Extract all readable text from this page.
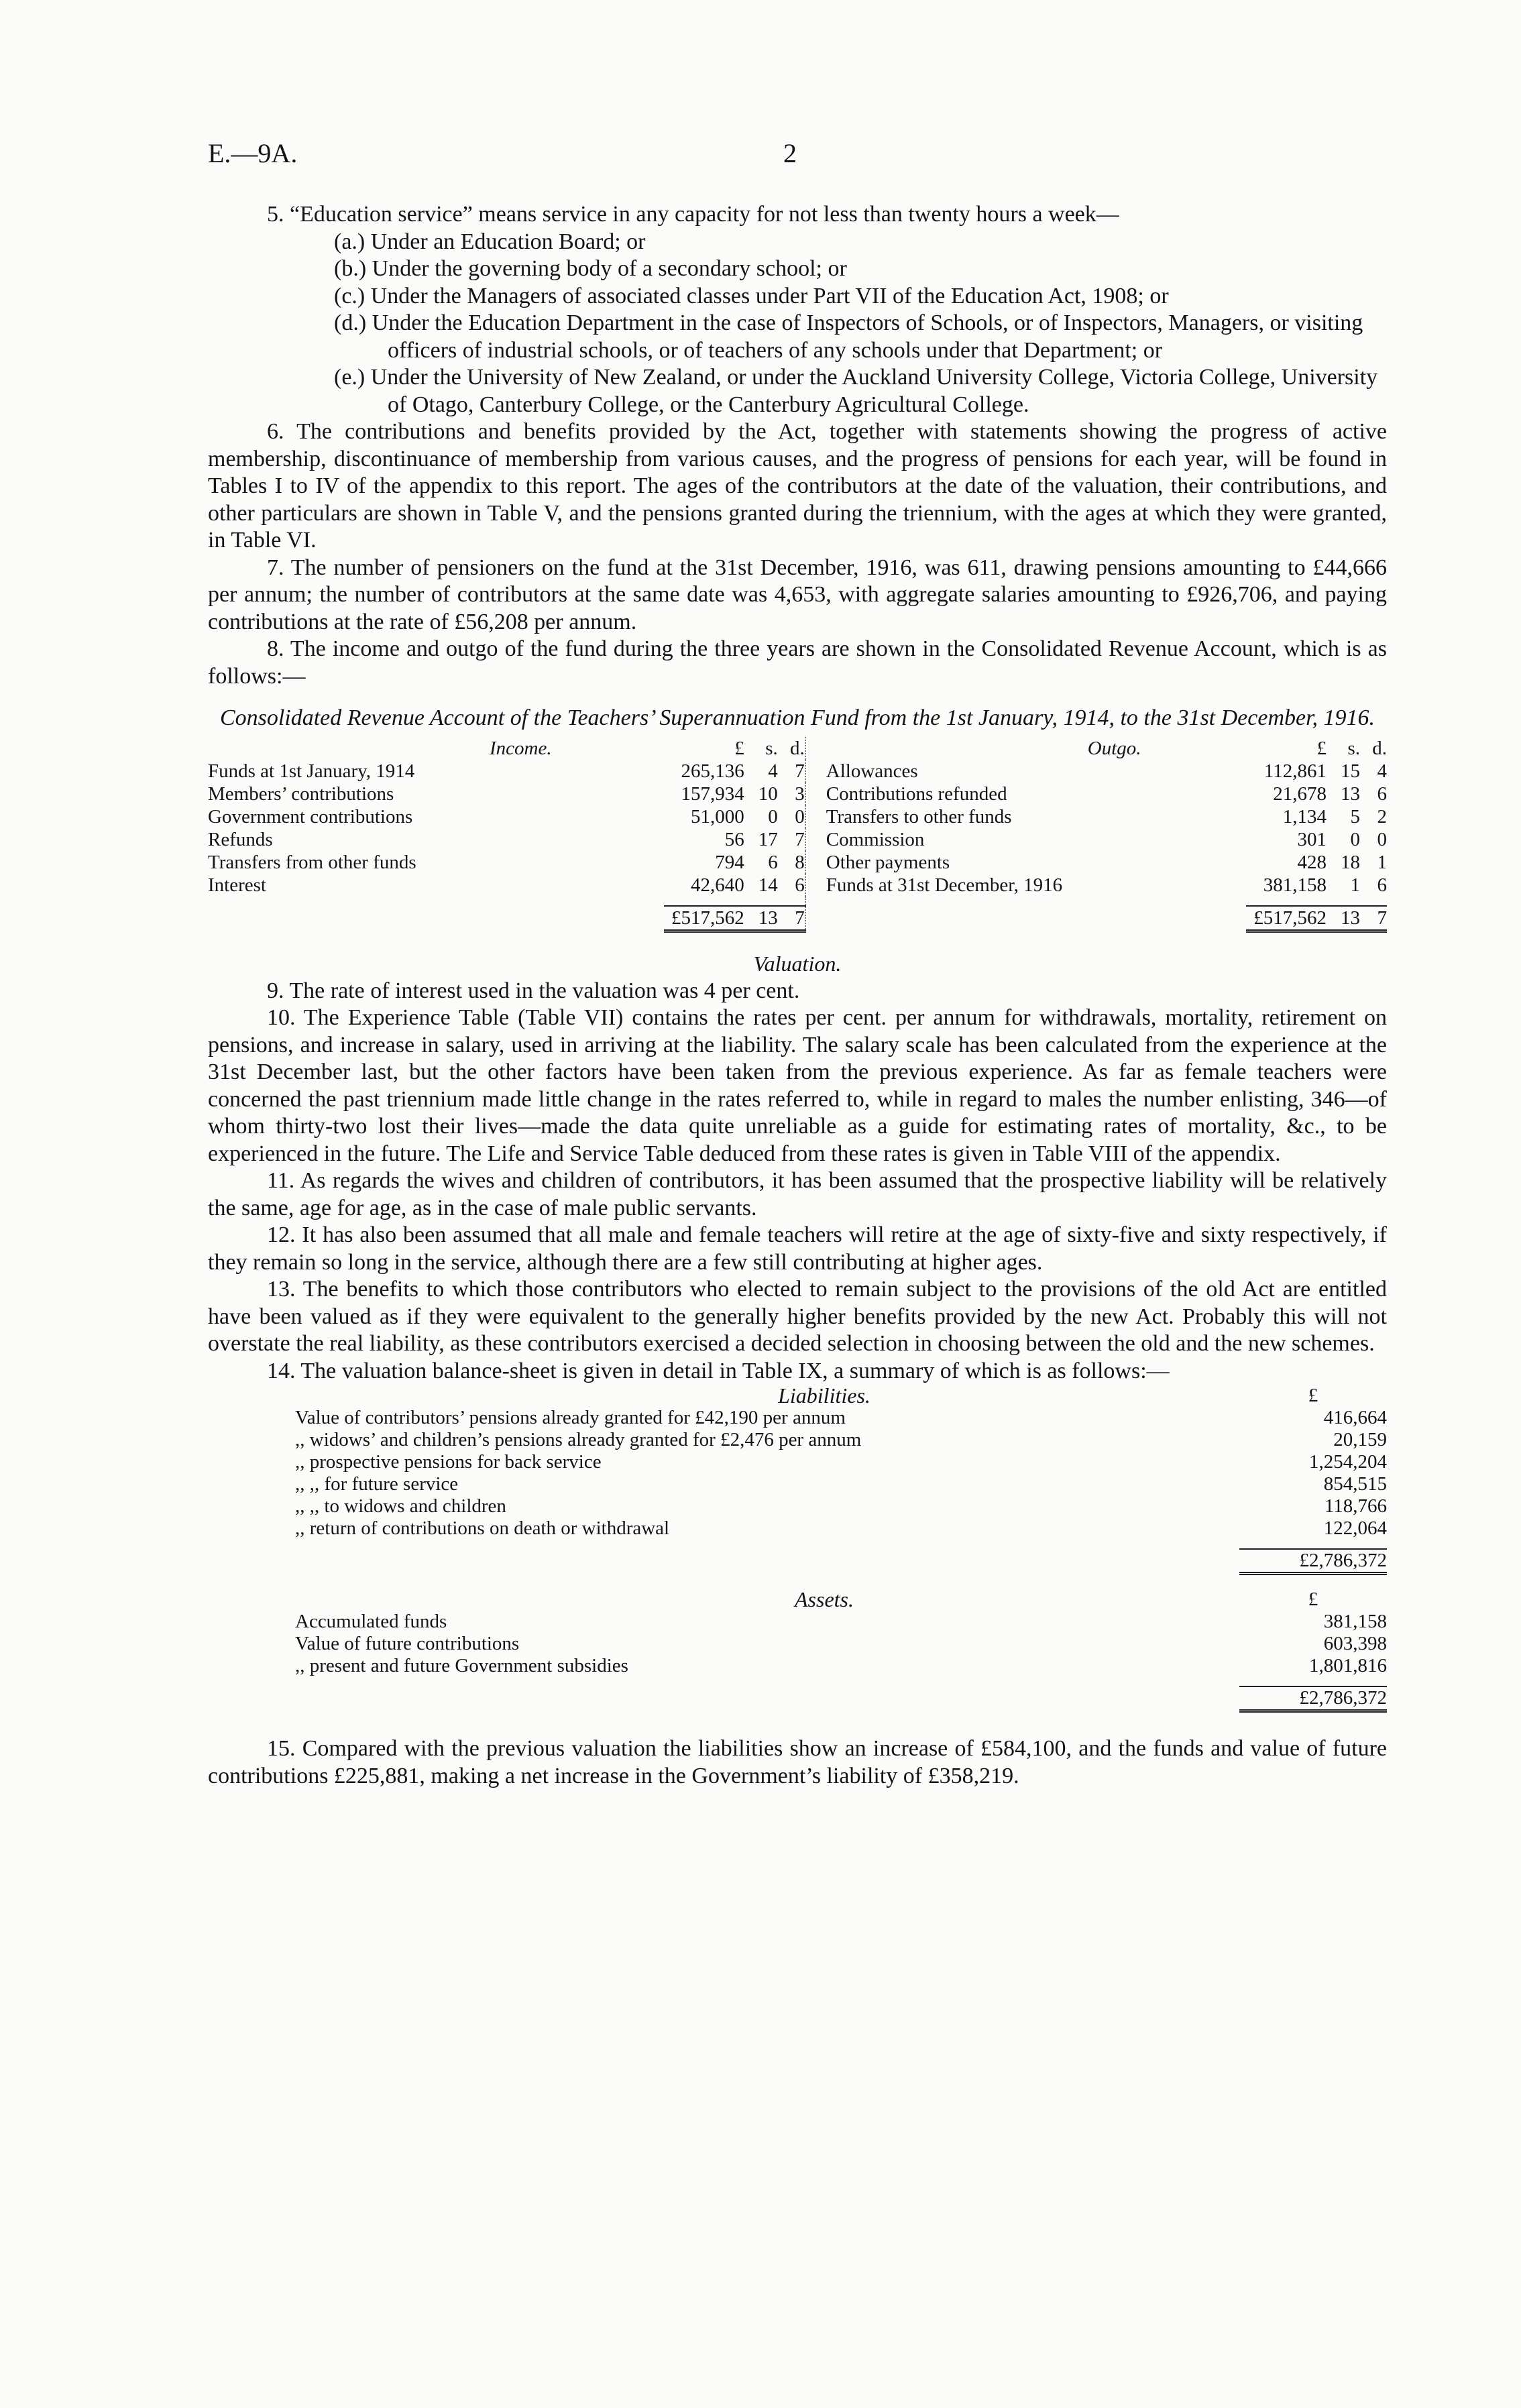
E.—9A.	2

5. “Education service” means service in any capacity for not less than twenty hours a week—

(a.) Under an Education Board; or

(b.) Under the governing body of a secondary school; or

(c.) Under the Managers of associated classes under Part VII of the Education Act, 1908; or

(d.) Under the Education Department in the case of Inspectors of Schools, or of Inspectors, Managers, or visiting officers of industrial schools, or of teachers of any schools under that Department; or

(e.) Under the University of New Zealand, or under the Auckland University College, Victoria College, University of Otago, Canterbury College, or the Canterbury Agricultural College.

6. The contributions and benefits provided by the Act, together with statements showing the progress of active membership, discontinuance of membership from various causes, and the progress of pensions for each year, will be found in Tables I to IV of the appendix to this report. The ages of the contributors at the date of the valuation, their contributions, and other particulars are shown in Table V, and the pensions granted during the triennium, with the ages at which they were granted, in Table VI.

7. The number of pensioners on the fund at the 31st December, 1916, was 611, drawing pensions amounting to £44,666 per annum; the number of contributors at the same date was 4,653, with aggregate salaries amounting to £926,706, and paying contributions at the rate of £56,208 per annum.

8. The income and outgo of the fund during the three years are shown in the Consolidated Revenue Account, which is as follows:—

Consolidated Revenue Account of the Teachers’ Superannuation Fund from the 1st January, 1914, to the 31st December, 1916.
Income.	£	s.	d.		Outgo.	£	s.	d.
Funds at 1st January, 1914	265,136	4	7		Allowances	112,861	15	4
Members’ contributions	157,934	10	3		Contributions refunded	21,678	13	6
Government contributions	51,000	0	0		Transfers to other funds	1,134	5	2
Refunds	56	17	7		Commission	301	0	0
Transfers from other funds	794	6	8		Other payments	428	18	1
Interest	42,640	14	6		Funds at 31st December, 1916	381,158	1	6

	£517,562	13	7			£517,562	13	7
Valuation.

9. The rate of interest used in the valuation was 4 per cent.

10. The Experience Table (Table VII) contains the rates per cent. per annum for withdrawals, mortality, retirement on pensions, and increase in salary, used in arriving at the liability. The salary scale has been calculated from the experience at the 31st December last, but the other factors have been taken from the previous experience. As far as female teachers were concerned the past triennium made little change in the rates referred to, while in regard to males the number enlisting, 346—of whom thirty-two lost their lives—made the data quite unreliable as a guide for estimating rates of mortality, &c., to be experienced in the future. The Life and Service Table deduced from these rates is given in Table VIII of the appendix.

11. As regards the wives and children of contributors, it has been assumed that the prospective liability will be relatively the same, age for age, as in the case of male public servants.

12. It has also been assumed that all male and female teachers will retire at the age of sixty-five and sixty respectively, if they remain so long in the service, although there are a few still contributing at higher ages.

13. The benefits to which those contributors who elected to remain subject to the provisions of the old Act are entitled have been valued as if they were equivalent to the generally higher benefits provided by the new Act. Probably this will not overstate the real liability, as these contributors exercised a decided selection in choosing between the old and the new schemes.

14. The valuation balance-sheet is given in detail in Table IX, a summary of which is as follows:—

Liabilities.	£
Value of contributors’ pensions already granted for £42,190 per annum	416,664
,, widows’ and children’s pensions already granted for £2,476 per annum	20,159
,, prospective pensions for back service	1,254,204
,, ,, for future service	854,515
,, ,, to widows and children	118,766
,, return of contributions on death or withdrawal	122,064

	£2,786,372
Assets.	£
Accumulated funds	381,158
Value of future contributions	603,398
,, present and future Government subsidies	1,801,816

	£2,786,372

15. Compared with the previous valuation the liabilities show an increase of £584,100, and the funds and value of future contributions £225,881, making a net increase in the Government’s liability of £358,219.
